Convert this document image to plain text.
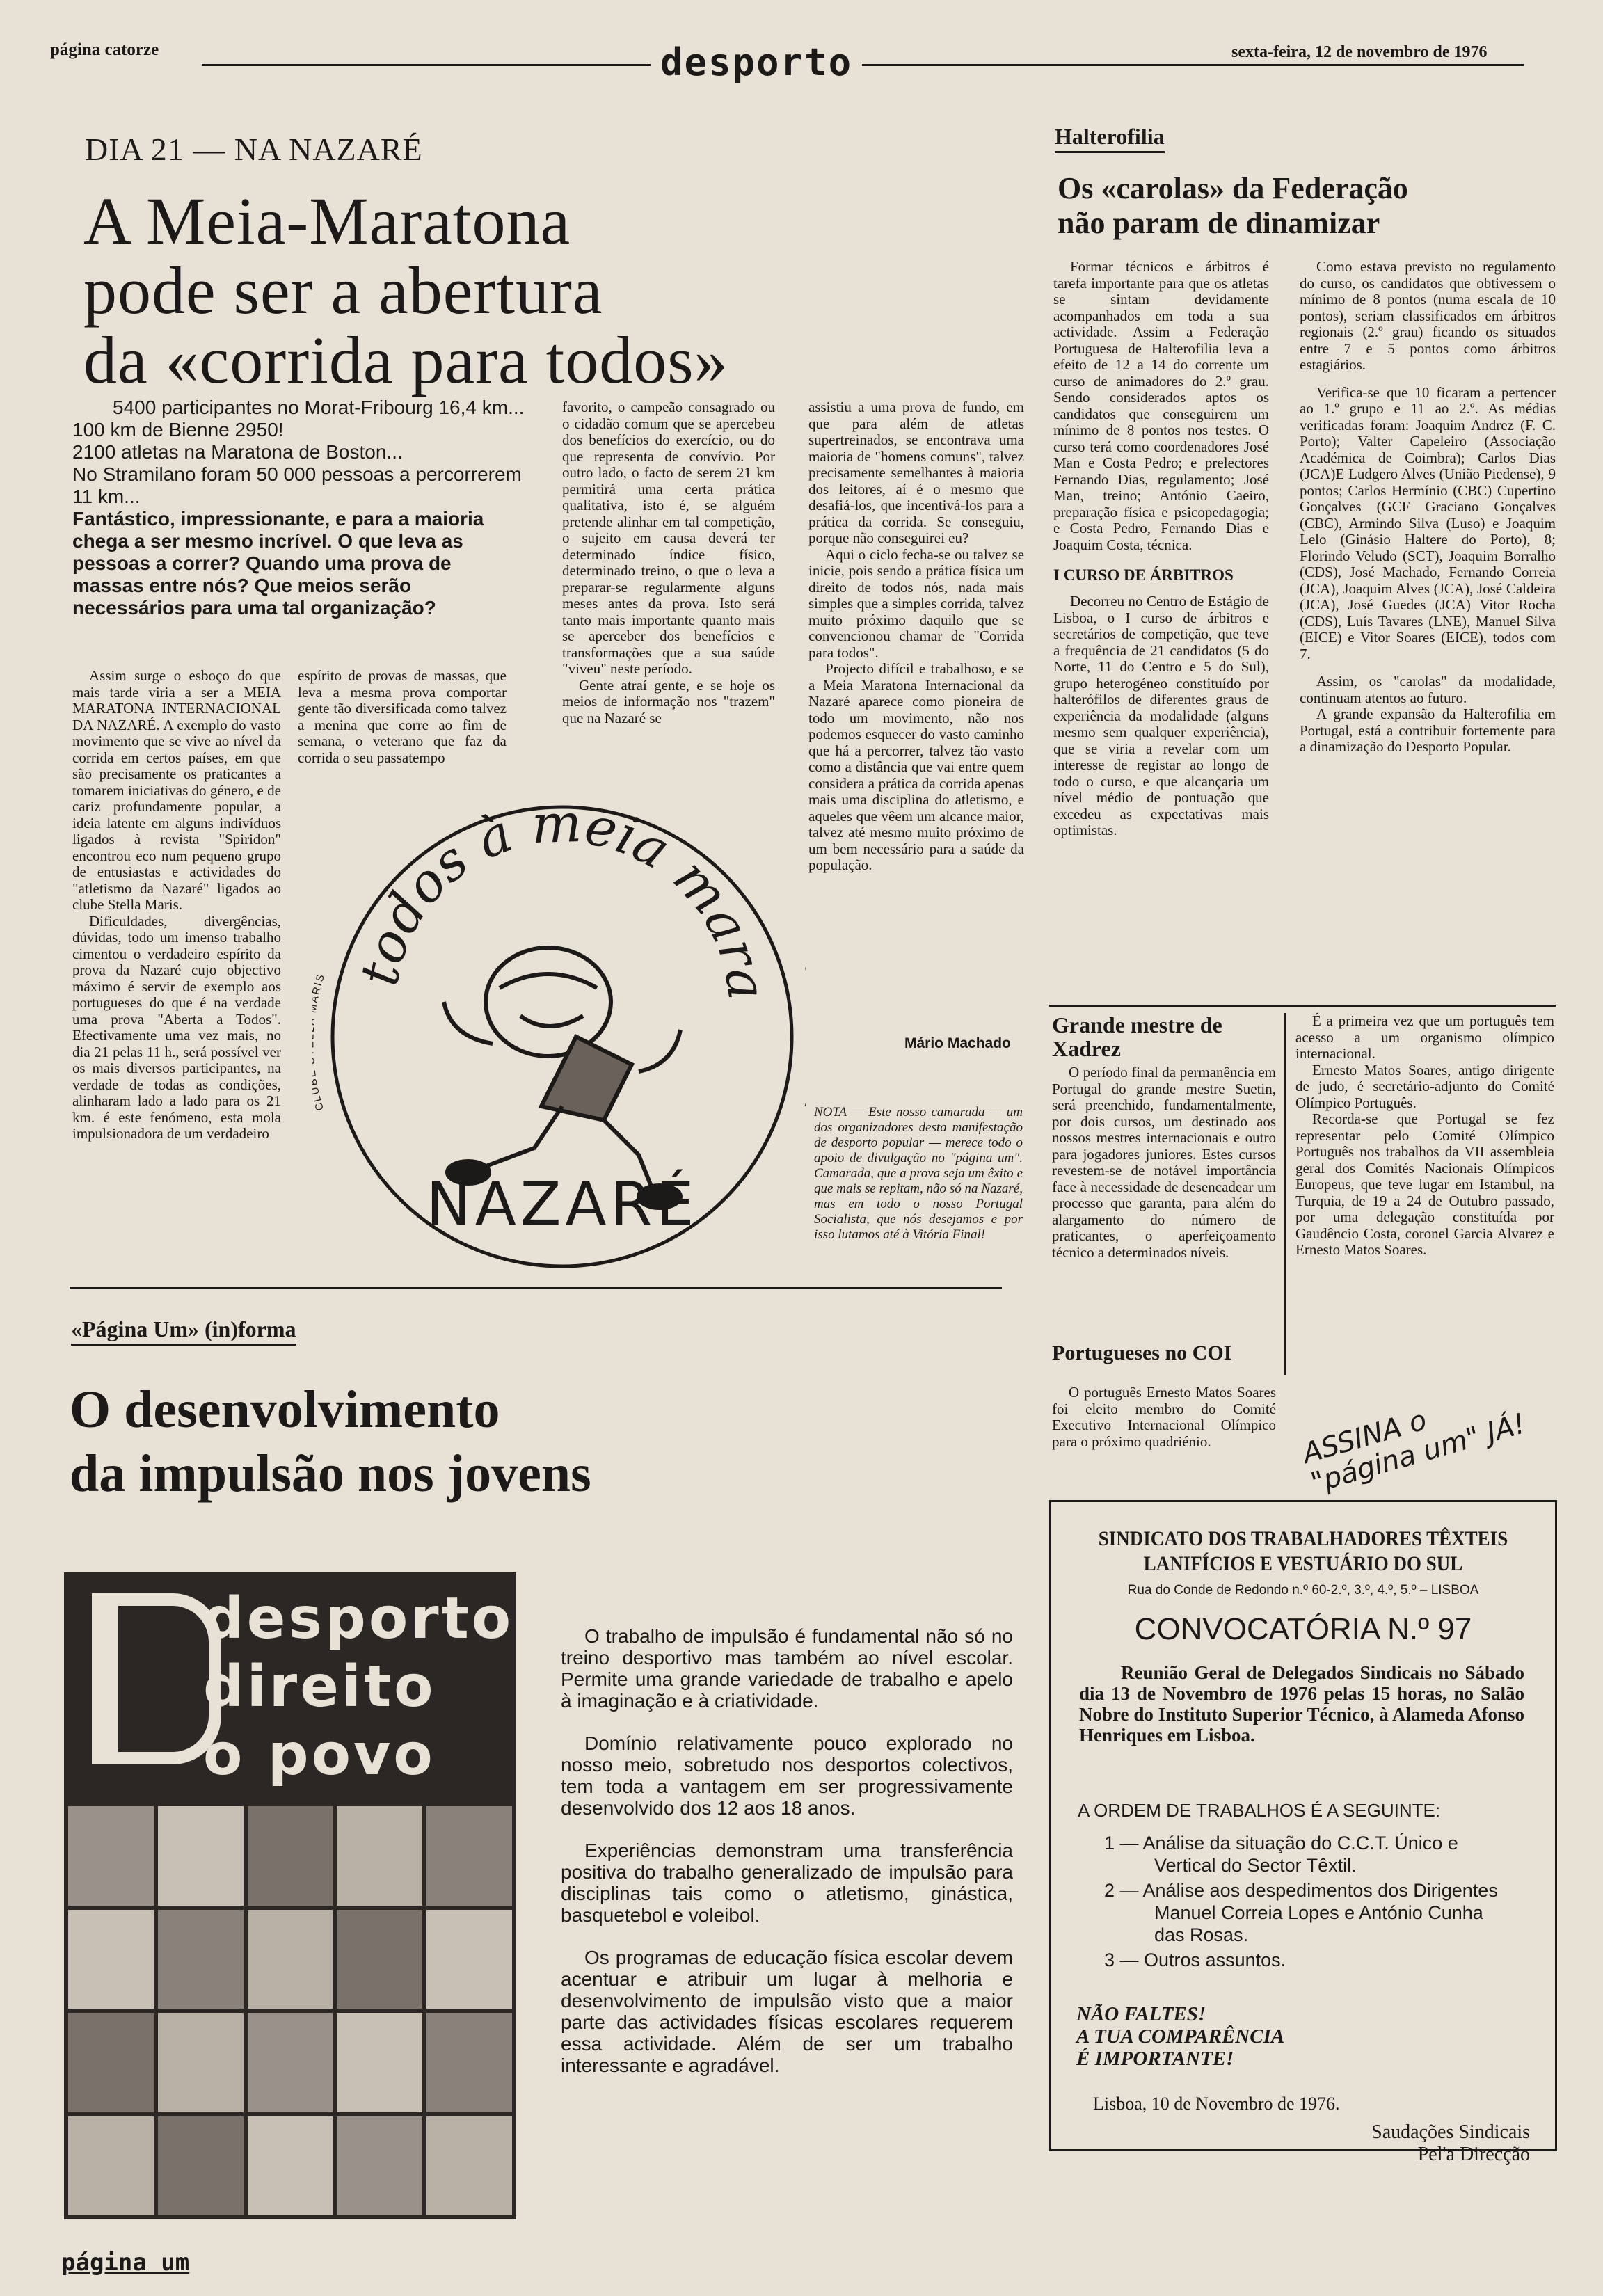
página catorze	desporto	sexta-feira, 12 de novembro de 1976
DIA 21 — NA NAZARÉ
A Meia-Maratona
pode ser a abertura
da «corrida para todos»
5400 participantes no Morat-Fribourg 16,4 km...
100 km de Bienne 2950!
2100 atletas na Maratona de Boston...
No Stramilano foram 50 000 pessoas a percorrerem 11 km...
Fantástico, impressionante, e para a maioria chega a ser mesmo incrível. O que leva as pessoas a correr? Quando uma prova de massas entre nós? Que meios serão necessários para uma tal organização?

Assim surge o esboço do que mais tarde viria a ser a MEIA MARATONA INTERNACIONAL DA NAZARÉ. A exemplo do vasto movimento que se vive ao nível da corrida em certos países, em que são precisamente os praticantes a tomarem iniciativas do género, e de cariz profundamente popular, a ideia latente em alguns indivíduos ligados à revista "Spiridon" encontrou eco num pequeno grupo de entusiastas e actividades do "atletismo da Nazaré" ligados ao clube Stella Maris.

Dificuldades, divergências, dúvidas, todo um imenso trabalho cimentou o verdadeiro espírito da prova da Nazaré cujo objectivo máximo é servir de exemplo aos portugueses do que é na verdade uma prova "Aberta a Todos". Efectivamente uma vez mais, no dia 21 pelas 11 h., será possível ver os mais diversos participantes, na verdade de todas as condições, alinharam lado a lado para os 21 km. é este fenómeno, esta mola impulsionadora de um verdadeiro

espírito de provas de massas, que leva a mesma prova comportar gente tão diversificada como talvez a menina que corre ao fim de semana, o veterano que faz da corrida o seu passatempo

favorito, o campeão consagrado ou o cidadão comum que se apercebeu dos benefícios do exercício, ou do que representa de convívio. Por outro lado, o facto de serem 21 km permitirá uma certa prática qualitativa, isto é, se alguém pretende alinhar em tal competição, o sujeito em causa deverá ter determinado índice físico, determinado treino, o que o leva a preparar-se regularmente alguns meses antes da prova. Isto será tanto mais importante quanto mais se aperceber dos benefícios e transformações que a sua saúde "viveu" neste período.

Gente atraí gente, e se hoje os meios de informação nos "trazem" que na Nazaré se

assistiu a uma prova de fundo, em que para além de atletas supertreinados, se encontrava uma maioria de "homens comuns", talvez precisamente semelhantes à maioria dos leitores, aí é o mesmo que desafiá-los, que incentivá-los para a prática da corrida. Se conseguiu, porque não conseguirei eu?

Aqui o ciclo fecha-se ou talvez se inicie, pois sendo a prática física um direito de todos nós, nada mais simples que a simples corrida, talvez muito próximo daquilo que se convencionou chamar de "Corrida para todos".

Projecto difícil e trabalhoso, e se a Meia Maratona Internacional da Nazaré aparece como pioneira de todo um movimento, não nos podemos esquecer do vasto caminho que há a percorrer, talvez tão vasto como a distância que vai entre quem considera a prática da corrida apenas mais uma disciplina do atletismo, e aqueles que vêem um alcance maior, talvez até mesmo muito próximo de um bem necessário para a saúde da população.

Mário Machado
NOTA — Este nosso camarada — um dos organizadores desta manifestação de desporto popular — merece todo o apoio de divulgação no "página um". Camarada, que a prova seja um êxito e que mais se repitam, não só na Nazaré, mas em todo o nosso Portugal Socialista, que nós desejamos e por isso lutamos até à Vitória Final!
todos à meia mara
CL IS
NAZARÉ
Halterofilia
Os «carolas» da Federação
não param de dinamizar

Formar técnicos e árbitros é tarefa importante para que os atletas se sintam devidamente acompanhados em toda a sua actividade. Assim a Federação Portuguesa de Halterofilia leva a efeito de 12 a 14 do corrente um curso de animadores do 2.º grau. Sendo considerados aptos os candidatos que conseguirem um mínimo de 8 pontos nos testes. O curso terá como coordenadores José Man e Costa Pedro; e prelectores Fernando Dias, regulamento; José Man, treino; António Caeiro, preparação física e psicopedagogia; e Costa Pedro, Fernando Dias e Joaquim Costa, técnica.

I CURSO DE ÁRBITROS

Decorreu no Centro de Estágio de Lisboa, o I curso de árbitros e secretários de competição, que teve a frequência de 21 candidatos (5 do Norte, 11 do Centro e 5 do Sul), grupo heterogéneo constituído por halterófilos de diferentes graus de experiência da modalidade (alguns mesmo sem qualquer experiência), que se viria a revelar com um interesse de registar ao longo de todo o curso, e que alcançaria um nível médio de pontuação que excedeu as expectativas mais optimistas.

Como estava previsto no regulamento do curso, os candidatos que obtivessem o mínimo de 8 pontos (numa escala de 10 pontos), seriam classificados em árbitros regionais (2.º grau) ficando os situados entre 7 e 5 pontos como árbitros estagiários.

Verifica-se que 10 ficaram a pertencer ao 1.º grupo e 11 ao 2.º. As médias verificadas foram: Joaquim Andrez (F. C. Porto); Valter Capeleiro (Associação Académica de Coimbra); Carlos Dias (JCA)E Ludgero Alves (União Piedense), 9 pontos; Carlos Hermínio (CBC) Cupertino Gonçalves (GCF Graciano Gonçalves (CBC), Armindo Silva (Luso) e Joaquim Lelo (Ginásio Haltere do Porto), 8; Florindo Veludo (SCT), Joaquim Borralho (CDS), José Machado, Fernando Correia (JCA), Joaquim Alves (JCA), José Caldeira (JCA), José Guedes (JCA) Vitor Rocha (CDS), Luís Tavares (LNE), Manuel Silva (EICE) e Vitor Soares (EICE), todos com 7.

Assim, os "carolas" da modalidade, continuam atentos ao futuro.

A grande expansão da Halterofilia em Portugal, está a contribuir fortemente para a dinamização do Desporto Popular.

Grande mestre de Xadrez

O período final da permanência em Portugal do grande mestre Suetin, será preenchido, fundamentalmente, por dois cursos, um destinado aos nossos mestres internacionais e outro para jogadores juniores. Estes cursos revestem-se de notável importância face à necessidade de desencadear um processo que garanta, para além do alargamento do número de praticantes, o aperfeiçoamento técnico a determinados níveis.

Portugueses no COI

O português Ernesto Matos Soares foi eleito membro do Comité Executivo Internacional Olímpico para o próximo quadriénio.

É a primeira vez que um português tem acesso a um organismo olímpico internacional.

Ernesto Matos Soares, antigo dirigente de judo, é secretário-adjunto do Comité Olímpico Português.

Recorda-se que Portugal se fez representar pelo Comité Olímpico Português nos trabalhos da VII assembleia geral dos Comités Nacionais Olímpicos Europeus, que teve lugar em Istambul, na Turquia, de 19 a 24 de Outubro passado, por uma delegação constituída por Gaudêncio Costa, coronel Garcia Alvarez e Ernesto Matos Soares.

ASSINA o "página um" JÁ!
«Página Um» (in)forma
O desenvolvimento
da impulsão nos jovens
desporto
direito
o povo

O trabalho de impulsão é fundamental não só no treino desportivo mas também ao nível escolar. Permite uma grande variedade de trabalho e apelo à imaginação e à criatividade.

Domínio relativamente pouco explorado no nosso meio, sobretudo nos desportos colectivos, tem toda a vantagem em ser progressivamente desenvolvido dos 12 aos 18 anos.

Experiências demonstram uma transferência positiva do trabalho generalizado de impulsão para disciplinas tais como o atletismo, ginástica, basquetebol e voleibol.

Os programas de educação física escolar devem acentuar e atribuir um lugar à melhoria e desenvolvimento de impulsão visto que a maior parte das actividades físicas escolares requerem essa actividade. Além de ser um trabalho interessante e agradável.

página um
SINDICATO DOS TRABALHADORES TÊXTEIS
LANIFÍCIOS E VESTUÁRIO DO SUL
Rua do Conde de Redondo n.º 60-2.º, 3.º, 4.º, 5.º – LISBOA
CONVOCATÓRIA N.º 97
Reunião Geral de Delegados Sindicais no Sábado dia 13 de Novembro de 1976 pelas 15 horas, no Salão Nobre do Instituto Superior Técnico, à Alameda Afonso Henriques em Lisboa.
A ORDEM DE TRABALHOS É A SEGUINTE:
1 — Análise da situação do C.C.T. Único e Vertical do Sector Têxtil.
2 — Análise aos despedimentos dos Dirigentes Manuel Correia Lopes e António Cunha das Rosas.
3 — Outros assuntos.
NÃO FALTES!
A TUA COMPARÊNCIA
É IMPORTANTE!
Lisboa, 10 de Novembro de 1976.
Saudações Sindicais
Pel'a Direcção
